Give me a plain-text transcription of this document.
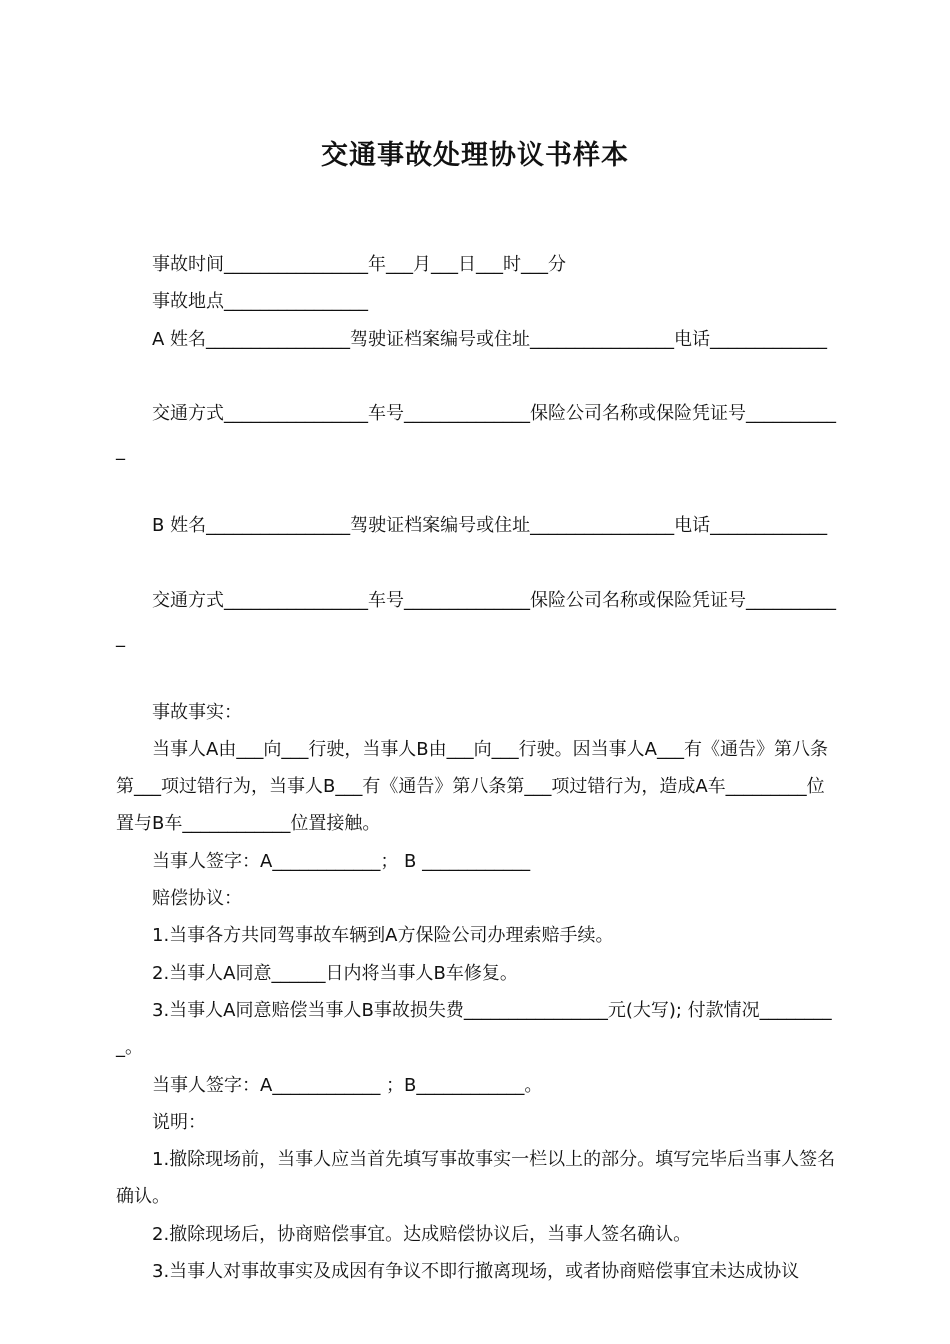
交通事故处理协议书样本

事故时间________________年___月___日___时___分

事故地点________________

A 姓名________________驾驶证档案编号或住址________________电话_____________

交通方式________________车号______________保险公司名称或保险凭证号___________

B 姓名________________驾驶证档案编号或住址________________电话_____________

交通方式________________车号______________保险公司名称或保险凭证号___________

事故事实：

当事人A由___向___行驶，当事人B由___向___行驶。因当事人A___有《通告》第八条第___项过错行为，当事人B___有《通告》第八条第___项过错行为，造成A车_________位置与B车____________位置接触。

当事人签字：A____________； B ____________

赔偿协议：

1.当事各方共同驾事故车辆到A方保险公司办理索赔手续。

2.当事人A同意______日内将当事人B车修复。

3.当事人A同意赔偿当事人B事故损失费________________元(大写); 付款情况_________。

当事人签字：A____________ ；B____________。

说明：

1.撤除现场前，当事人应当首先填写事故事实一栏以上的部分。填写完毕后当事人签名确认。

2.撤除现场后，协商赔偿事宜。达成赔偿协议后，当事人签名确认。

3.当事人对事故事实及成因有争议不即行撤离现场，或者协商赔偿事宜未达成协议
